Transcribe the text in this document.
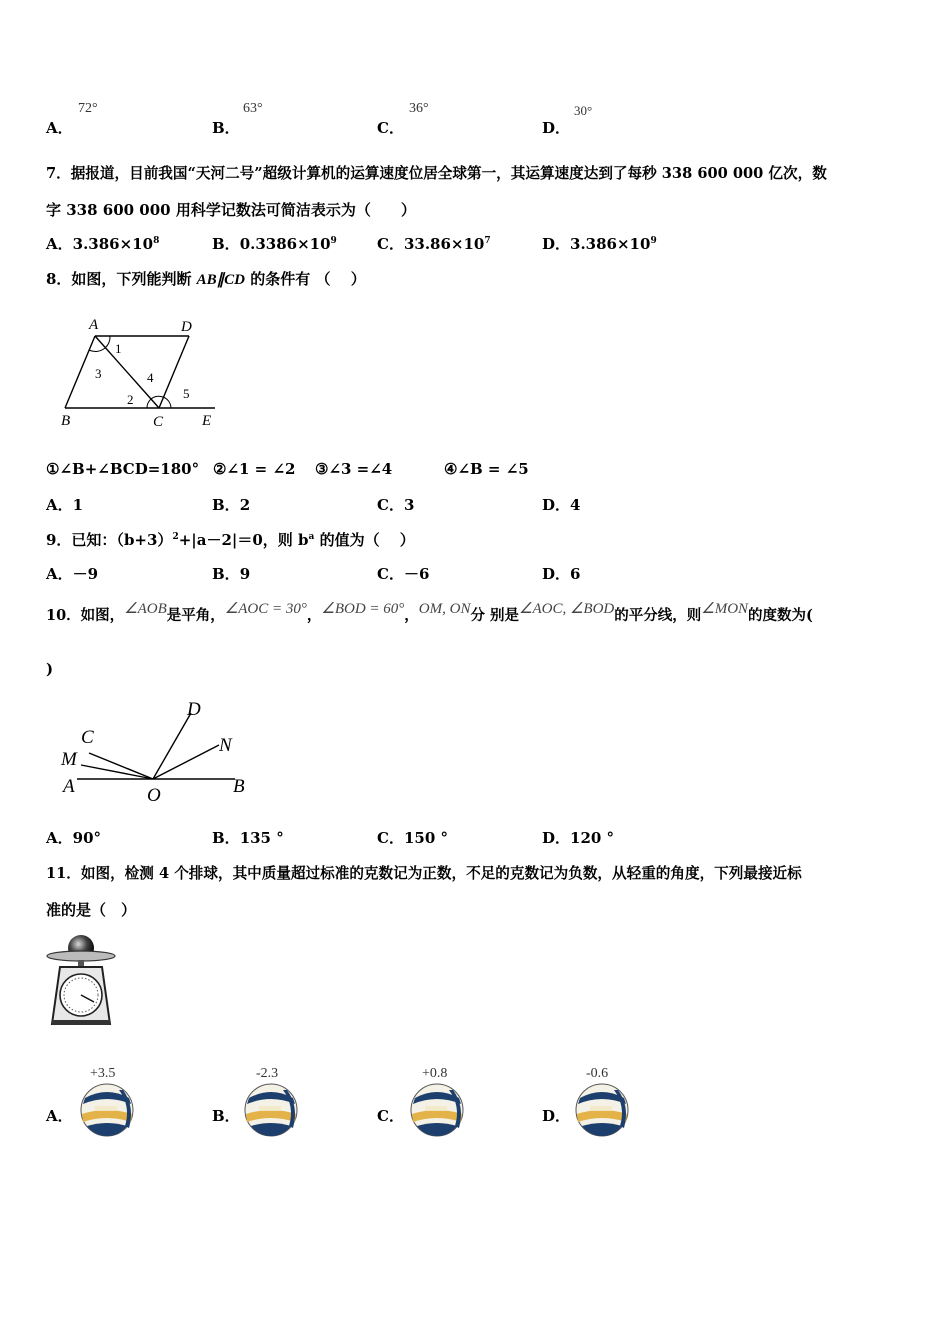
A．
72°
B．
63°
C．
36°
D．
30°
7．据报道，目前我国“天河二号”超级计算机的运算速度位居全球第一，其运算速度达到了每秒 338 600 000 亿次，数
字 338 600 000 用科学记数法可简洁表示为（　　）
A．$3.386\times 10^8$	B．$0.3386\times 10^9$	C．$33.86\times 10^7$	D．$3.386\times 10^9$
8．如图，下列能判断 AB∥CD 的条件有 （　 ）
A	D
B	C	E
1
2
3	4
5
①∠B+∠BCD=180° ②∠1 = ∠2 ③∠3 =∠4	④∠B = ∠5
A．1	B．2	C．3	D．4
9．已知：$(b+3)^2+|a-2|=0$，则 $b^a$ 的值为（　 ）
A．－9	B．9	C．－6	D．6
10．如图，∠AOB是平角，∠AOC = 30°，∠BOD = 60°，OM, ON分 别是∠AOC, ∠BOD的平分线，则∠MON的度数为(
)
D
C	N
M
A	O	B
A．90°	B．135 °	C．150 °	D．120 °
11．如图，检测 4 个排球，其中质量超过标准的克数记为正数，不足的克数记为负数，从轻重的角度，下列最接近标
准的是（　）
A．
+3.5
B．
-2.3
C．
+0.8
D．
-0.6
